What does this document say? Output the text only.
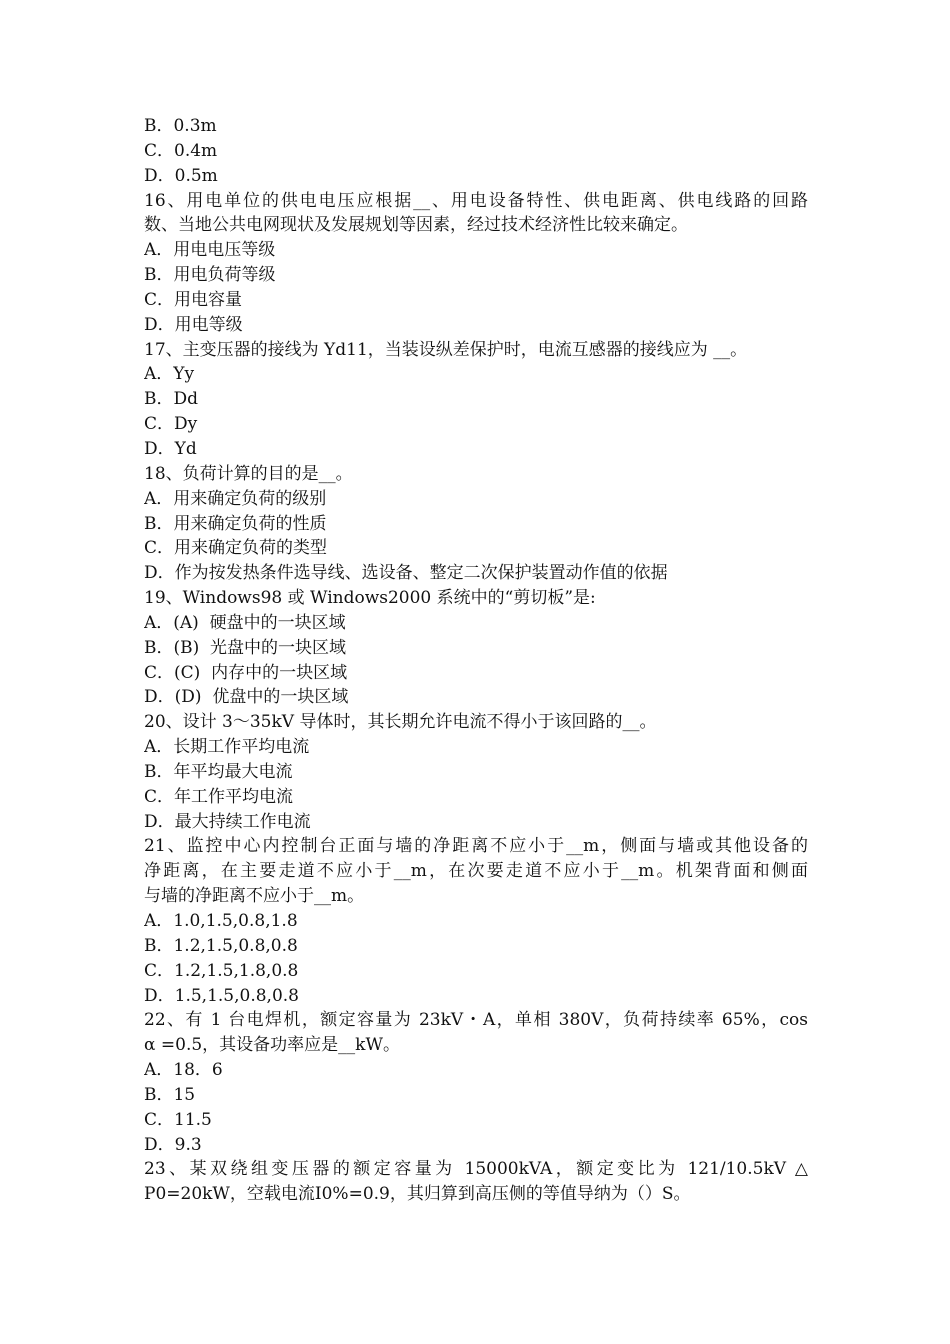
B．0.3m
C．0.4m
D．0.5m
16、用电单位的供电电压应根据__、用电设备特性、供电距离、供电线路的回路
数、当地公共电网现状及发展规划等因素，经过技术经济性比较来确定。
A．用电电压等级
B．用电负荷等级
C．用电容量
D．用电等级
17、主变压器的接线为 Yd11，当装设纵差保护时，电流互感器的接线应为 __。
A．Yy
B．Dd
C．Dy
D．Yd
18、负荷计算的目的是__。
A．用来确定负荷的级别
B．用来确定负荷的性质
C．用来确定负荷的类型
D．作为按发热条件选导线、选设备、整定二次保护装置动作值的依据
19、Windows98 或 Windows2000 系统中的“剪切板”是:
A．(A)  硬盘中的一块区域
B．(B)  光盘中的一块区域
C．(C)  内存中的一块区域
D．(D)  优盘中的一块区域
20、设计 3～35kV 导体时，其长期允许电流不得小于该回路的__。
A．长期工作平均电流
B．年平均最大电流
C．年工作平均电流
D．最大持续工作电流
21、监控中心内控制台正面与墙的净距离不应小于__m，侧面与墙或其他设备的
净距离，在主要走道不应小于__m，在次要走道不应小于__m。机架背面和侧面
与墙的净距离不应小于__m。
A．1.0,1.5,0.8,1.8
B．1.2,1.5,0.8,0.8
C．1.2,1.5,1.8,0.8
D．1.5,1.5,0.8,0.8
22、有 1 台电焊机，额定容量为 23kV・A，单相 380V，负荷持续率 65%，cos
α =0.5，其设备功率应是__kW。
A．18．6
B．15
C．11.5
D．9.3
23、某双绕组变压器的额定容量为 15000kVA，额定变比为 121/10.5kV △
P0=20kW，空载电流I0%=0.9，其归算到高压侧的等值导纳为（）S。
